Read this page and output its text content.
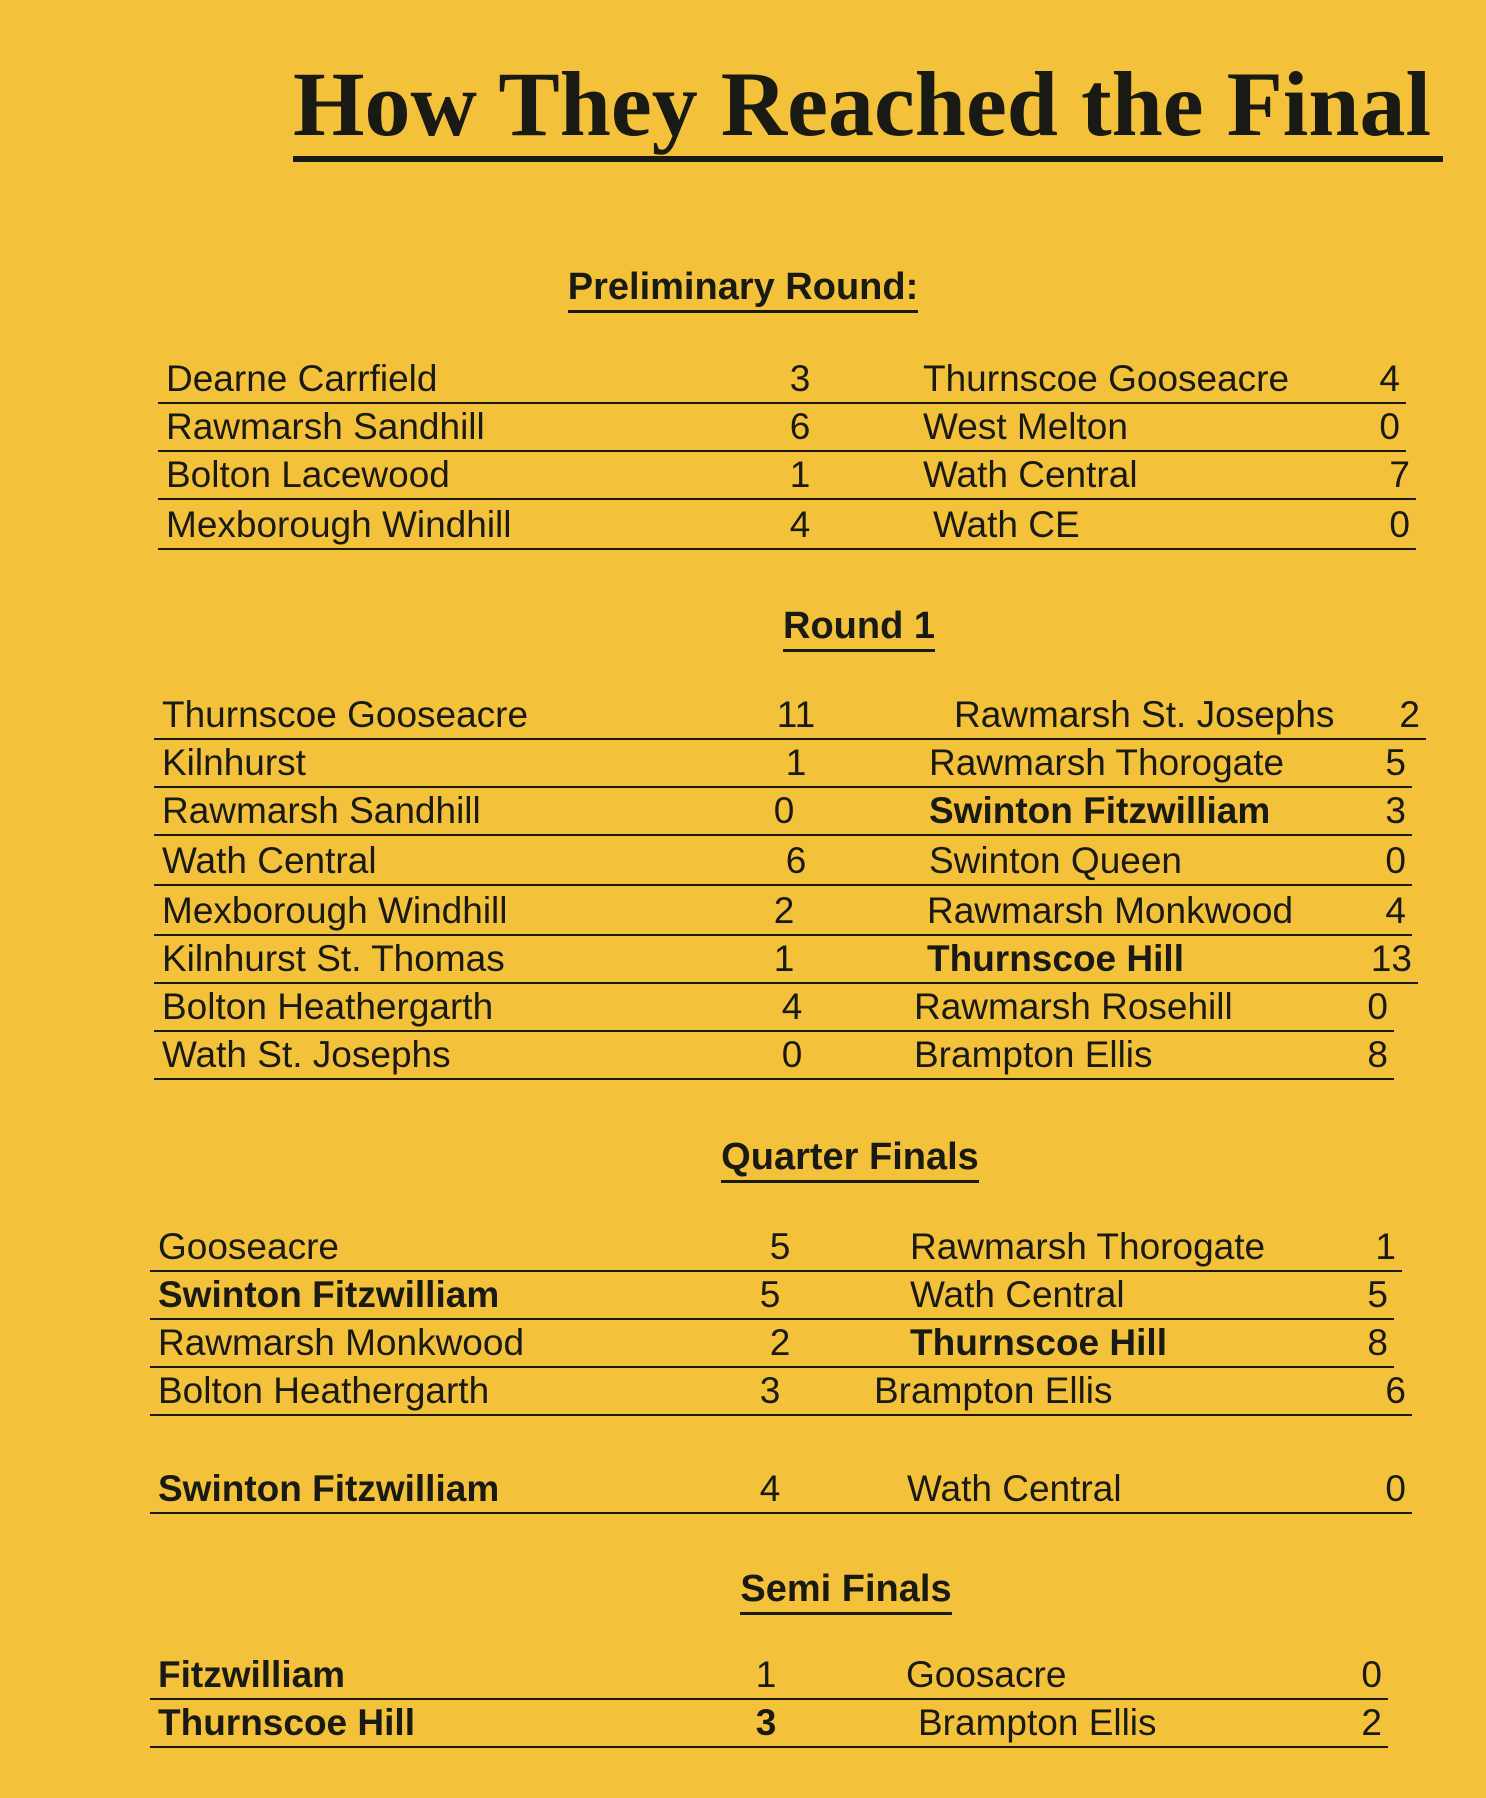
How They Reached the Final
Preliminary Round:
Dearne Carrfield	3	Thurnscoe Gooseacre 4
Rawmarsh Sandhill	6	West Melton	0
Bolton Lacewood	1	Wath Central	7
Mexborough Windhill	4	Wath CE	0
Round 1
Thurnscoe Gooseacre	11	Rawmarsh St. Josephs 2
Kilnhurst	1	Rawmarsh Thorogate	5
Rawmarsh Sandhill	0	Swinton Fitzwilliam	3
Wath Central	6	Swinton Queen	0
Mexborough Windhill	2	Rawmarsh Monkwood 4
Kilnhurst St. Thomas	1	Thurnscoe Hill	13
Bolton Heathergarth	4	Rawmarsh Rosehill	0
Wath St. Josephs	0	Brampton Ellis	8
Quarter Finals
Gooseacre	5	Rawmarsh Thorogate	1
Swinton Fitzwilliam	5	Wath Central	5
Rawmarsh Monkwood	2	Thurnscoe Hill	8
Bolton Heathergarth	3	Brampton Ellis	6
Swinton Fitzwilliam	4	Wath Central	0
Semi Finals
Fitzwilliam	1	Goosacre	0
Thurnscoe Hill	3	Brampton Ellis	2
